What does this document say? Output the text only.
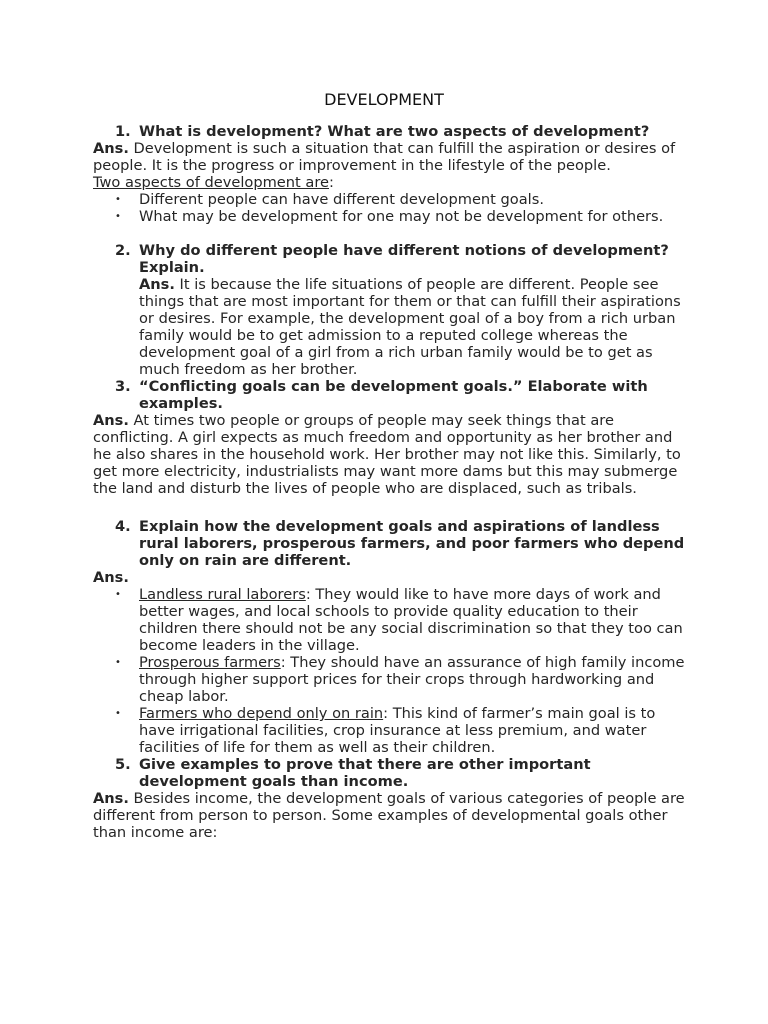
DEVELOPMENT
1. What is development? What are two aspects of development?

Ans. Development is such a situation that can fulfill the aspiration or desires of people. It is the progress or improvement in the lifestyle of the people.

Two aspects of development are:

• Different people can have different development goals.
• What may be development for one may not be development for others.
2. Why do different people have different notions of development? Explain.

Ans. It is because the life situations of people are different. People see things that are most important for them or that can fulfill their aspirations or desires. For example, the development goal of a boy from a rich urban family would be to get admission to a reputed college whereas the development goal of a girl from a rich urban family would be to get as much freedom as her brother.

3. “Conflicting goals can be development goals.” Elaborate with examples.

Ans. At times two people or groups of people may seek things that are conflicting. A girl expects as much freedom and opportunity as her brother and he also shares in the household work. Her brother may not like this. Similarly, to get more electricity, industrialists may want more dams but this may submerge the land and disturb the lives of people who are displaced, such as tribals.

4. Explain how the development goals and aspirations of landless rural laborers, prosperous farmers, and poor farmers who depend only on rain are different.

Ans.

• Landless rural laborers: They would like to have more days of work and better wages, and local schools to provide quality education to their children there should not be any social discrimination so that they too can become leaders in the village.
• Prosperous farmers: They should have an assurance of high family income through higher support prices for their crops through hardworking and cheap labor.
• Farmers who depend only on rain: This kind of farmer’s main goal is to have irrigational facilities, crop insurance at less premium, and water facilities of life for them as well as their children.
5. Give examples to prove that there are other important development goals than income.

Ans. Besides income, the development goals of various categories of people are different from person to person. Some examples of developmental goals other than income are:
